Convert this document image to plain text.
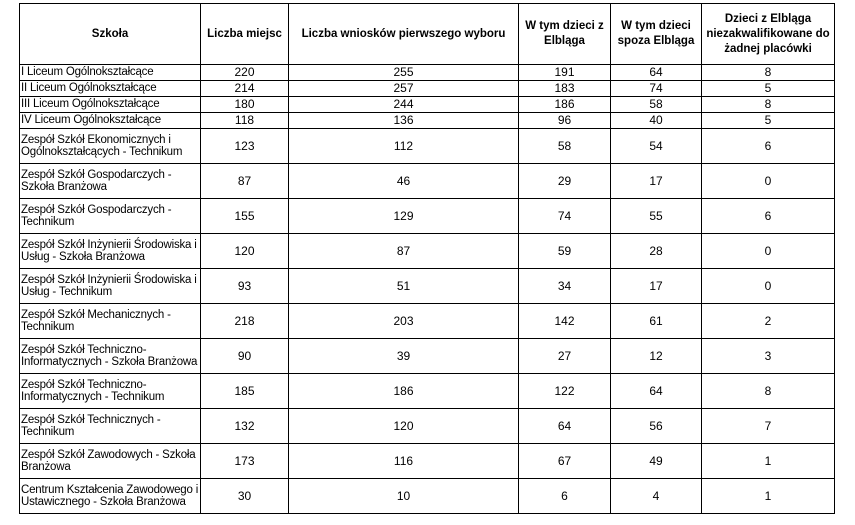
Szkoła	Liczba miejsc	Liczba wniosków pierwszego wyboru	W tym dzieci z Elbląga	W tym dzieci spoza Elbląga	Dzieci z Elbląga niezakwalifikowane do żadnej placówki
I Liceum Ogólnokształcące	220	255	191	64	8
II Liceum Ogólnokształcące	214	257	183	74	5
III Liceum Ogólnokształcące	180	244	186	58	8
IV Liceum Ogólnokształcące	118	136	96	40	5
Zespół Szkół Ekonomicznych i Ogólnokształcących - Technikum	123	112	58	54	6
Zespół Szkół Gospodarczych - Szkoła Branżowa	87	46	29	17	0
Zespół Szkół Gospodarczych - Technikum	155	129	74	55	6
Zespół Szkół Inżynierii Środowiska i Usług - Szkoła Branżowa	120	87	59	28	0
Zespół Szkół Inżynierii Środowiska i Usług - Technikum	93	51	34	17	0
Zespół Szkół Mechanicznych - Technikum	218	203	142	61	2
Zespół Szkół Techniczno-Informatycznych - Szkoła Branżowa	90	39	27	12	3
Zespół Szkół Techniczno-Informatycznych - Technikum	185	186	122	64	8
Zespół Szkół Technicznych - Technikum	132	120	64	56	7
Zespół Szkół Zawodowych - Szkoła Branżowa	173	116	67	49	1
Centrum Kształcenia Zawodowego i Ustawicznego - Szkoła Branżowa	30	10	6	4	1
